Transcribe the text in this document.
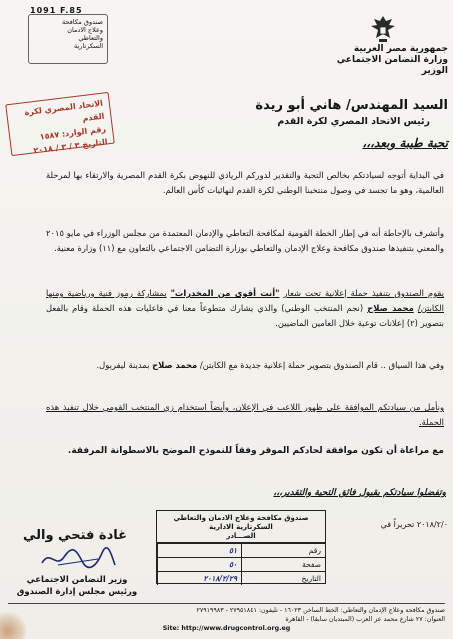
جمهورية مصر العربية
وزارة التضامن الاجتماعي
الوزير
1091 F.85
صندوق مكافحة
وعلاج الادمان
والتعاطي
السكرتارية
الاتحاد المصري لكرة القدم
رقم الوارد: ١٥٨٧
التاريخ ٣ / ٣ / ٢٠١٨
السيد المهندس/ هاني أبو ريدة
رئيس الاتحاد المصري لكرة القدم
تحية طيبة وبعد،،،
في البداية أتوجه لسيادتكم بخالص التحية والتقدير لدوركم الريادي للنهوض بكرة القدم المصرية والارتقاء بها لمرحلة العالمية، وهو ما تجسد في وصول منتخبنا الوطني لكرة القدم لنهائيات كأس العالم.
وأتشرف بالإحاطة أنه في إطار الخطة القومية لمكافحة التعاطي والإدمان المعتمدة من مجلس الوزراء في مايو ٢٠١٥ والمعني بتنفيذها صندوق مكافحة وعلاج الإدمان والتعاطي بوزارة التضامن الاجتماعي بالتعاون مع (١١) وزارة معنية.
يقوم الصندوق بتنفيذ حملة إعلانية تحت شعار "أنت أقوى من المخدرات" بمشاركة رموز فنية ورياضية ومنها الكابتن/ محمد صلاح (نجم المنتخب الوطني) والذي يشارك متطوعاً معنا في فاعليات هذه الحملة وقام بالفعل بتصوير (٢) إعلانات توعية خلال العامين الماضيين.
وفي هذا السياق .. قام الصندوق بتصوير حملة إعلانية جديدة مع الكابتن/ محمد صلاح بمدينة ليفربول.
ونأمل من سيادتكم الموافقة على ظهور اللاعب في الإعلان، وأيضاً استخدام زي المنتخب القومي خلال تنفيذ هذه الحملة.
مع مراعاة أن تكون موافقة لحادكم الموقر وفقاً للنموذج الموضح بالاسطوانة المرفقة.
وتفضلوا سيادتكم بقبول فائق التحية والتقدير،،،
تحريراً في ٢٠١٨/٢/٠
صندوق مكافحة وعلاج الادمان والتعاطي السكرتارية الادارية
الصـــادر
رقم
٥١
صفحة
٥٠
التاريخ
٢٠١٨/٢/٢٩
غادة فتحي والي
وزير التضامن الاجتماعي
ورئيس مجلس إدارة الصندوق
صندوق مكافحة وعلاج الإدمان والتعاطي: الخط الساخن ١٦٠٢٣ - تليفون: ٢٧٩٥١٨٤١ - ٢٧٩١٩٩٨٣
العنوان: ٢٧ شارع محمد عز العرب (المبتديان سابقا) - القاهرة
Site: http://www.drugcontrol.org.eg
